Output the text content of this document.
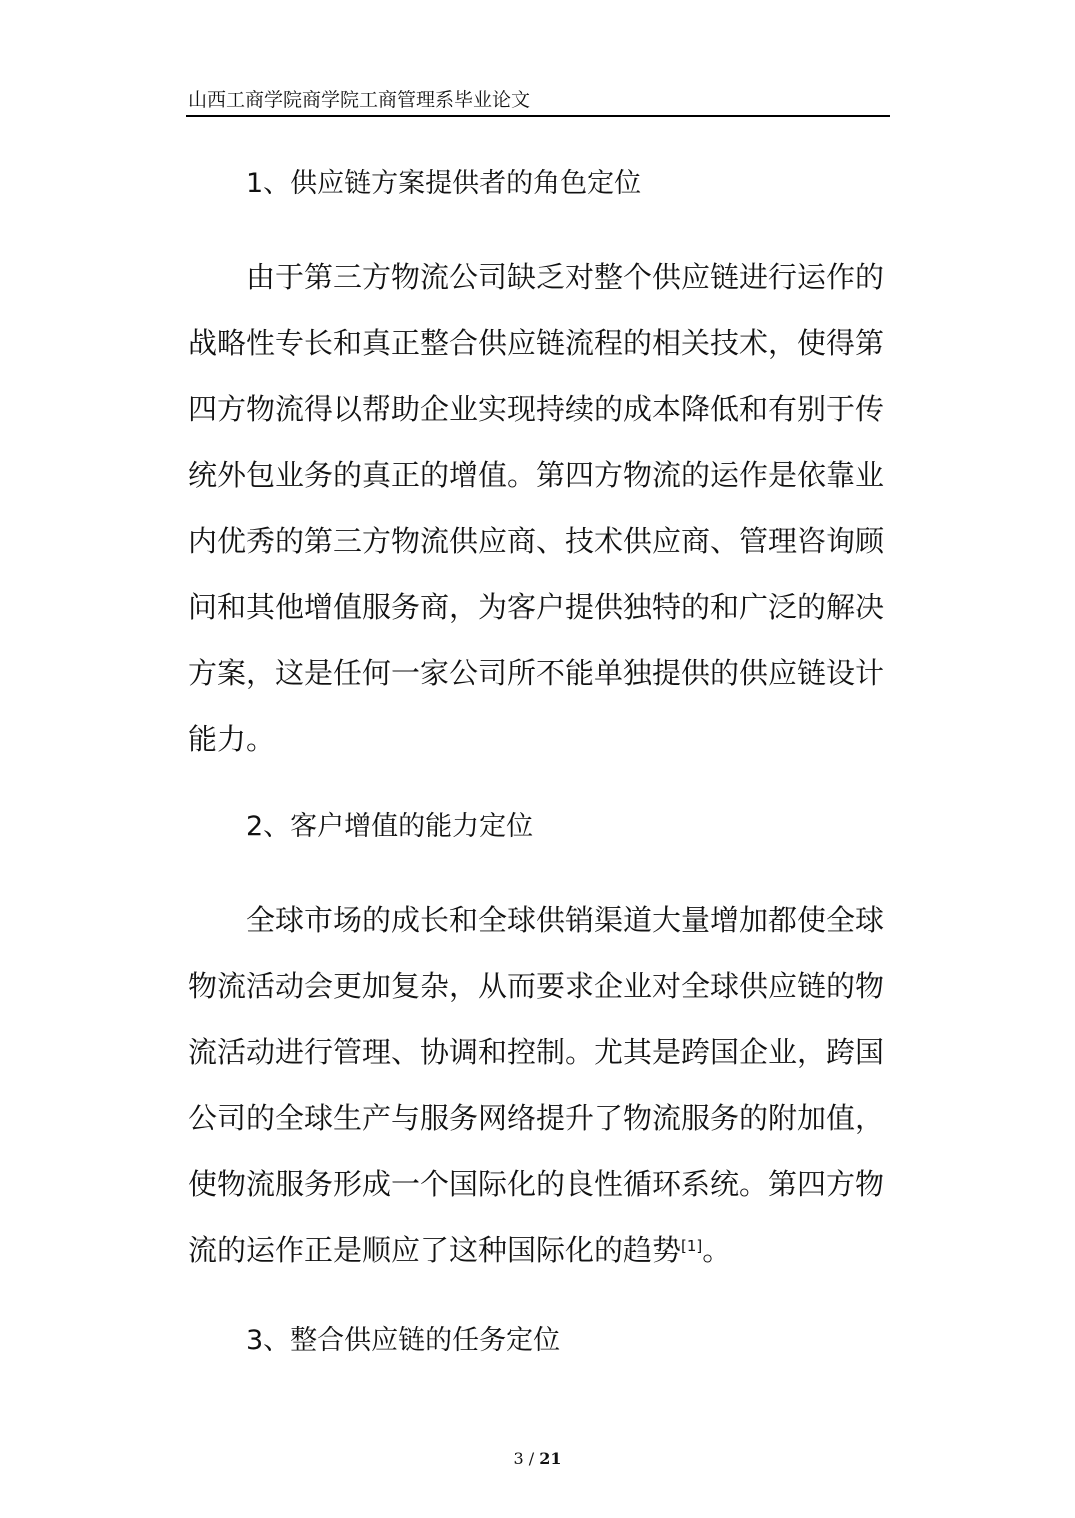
山西工商学院商学院工商管理系毕业论文
1、供应链方案提供者的角色定位
由于第三方物流公司缺乏对整个供应链进行运作的
战略性专长和真正整合供应链流程的相关技术，使得第
四方物流得以帮助企业实现持续的成本降低和有别于传
统外包业务的真正的增值。第四方物流的运作是依靠业
内优秀的第三方物流供应商、技术供应商、管理咨询顾
问和其他增值服务商，为客户提供独特的和广泛的解决
方案，这是任何一家公司所不能单独提供的供应链设计
能力。
2、客户增值的能力定位
全球市场的成长和全球供销渠道大量增加都使全球
物流活动会更加复杂，从而要求企业对全球供应链的物
流活动进行管理、协调和控制。尤其是跨国企业，跨国
公司的全球生产与服务网络提升了物流服务的附加值，
使物流服务形成一个国际化的良性循环系统。第四方物
流的运作正是顺应了这种国际化的趋势[1]。
3、整合供应链的任务定位
3 / 21
